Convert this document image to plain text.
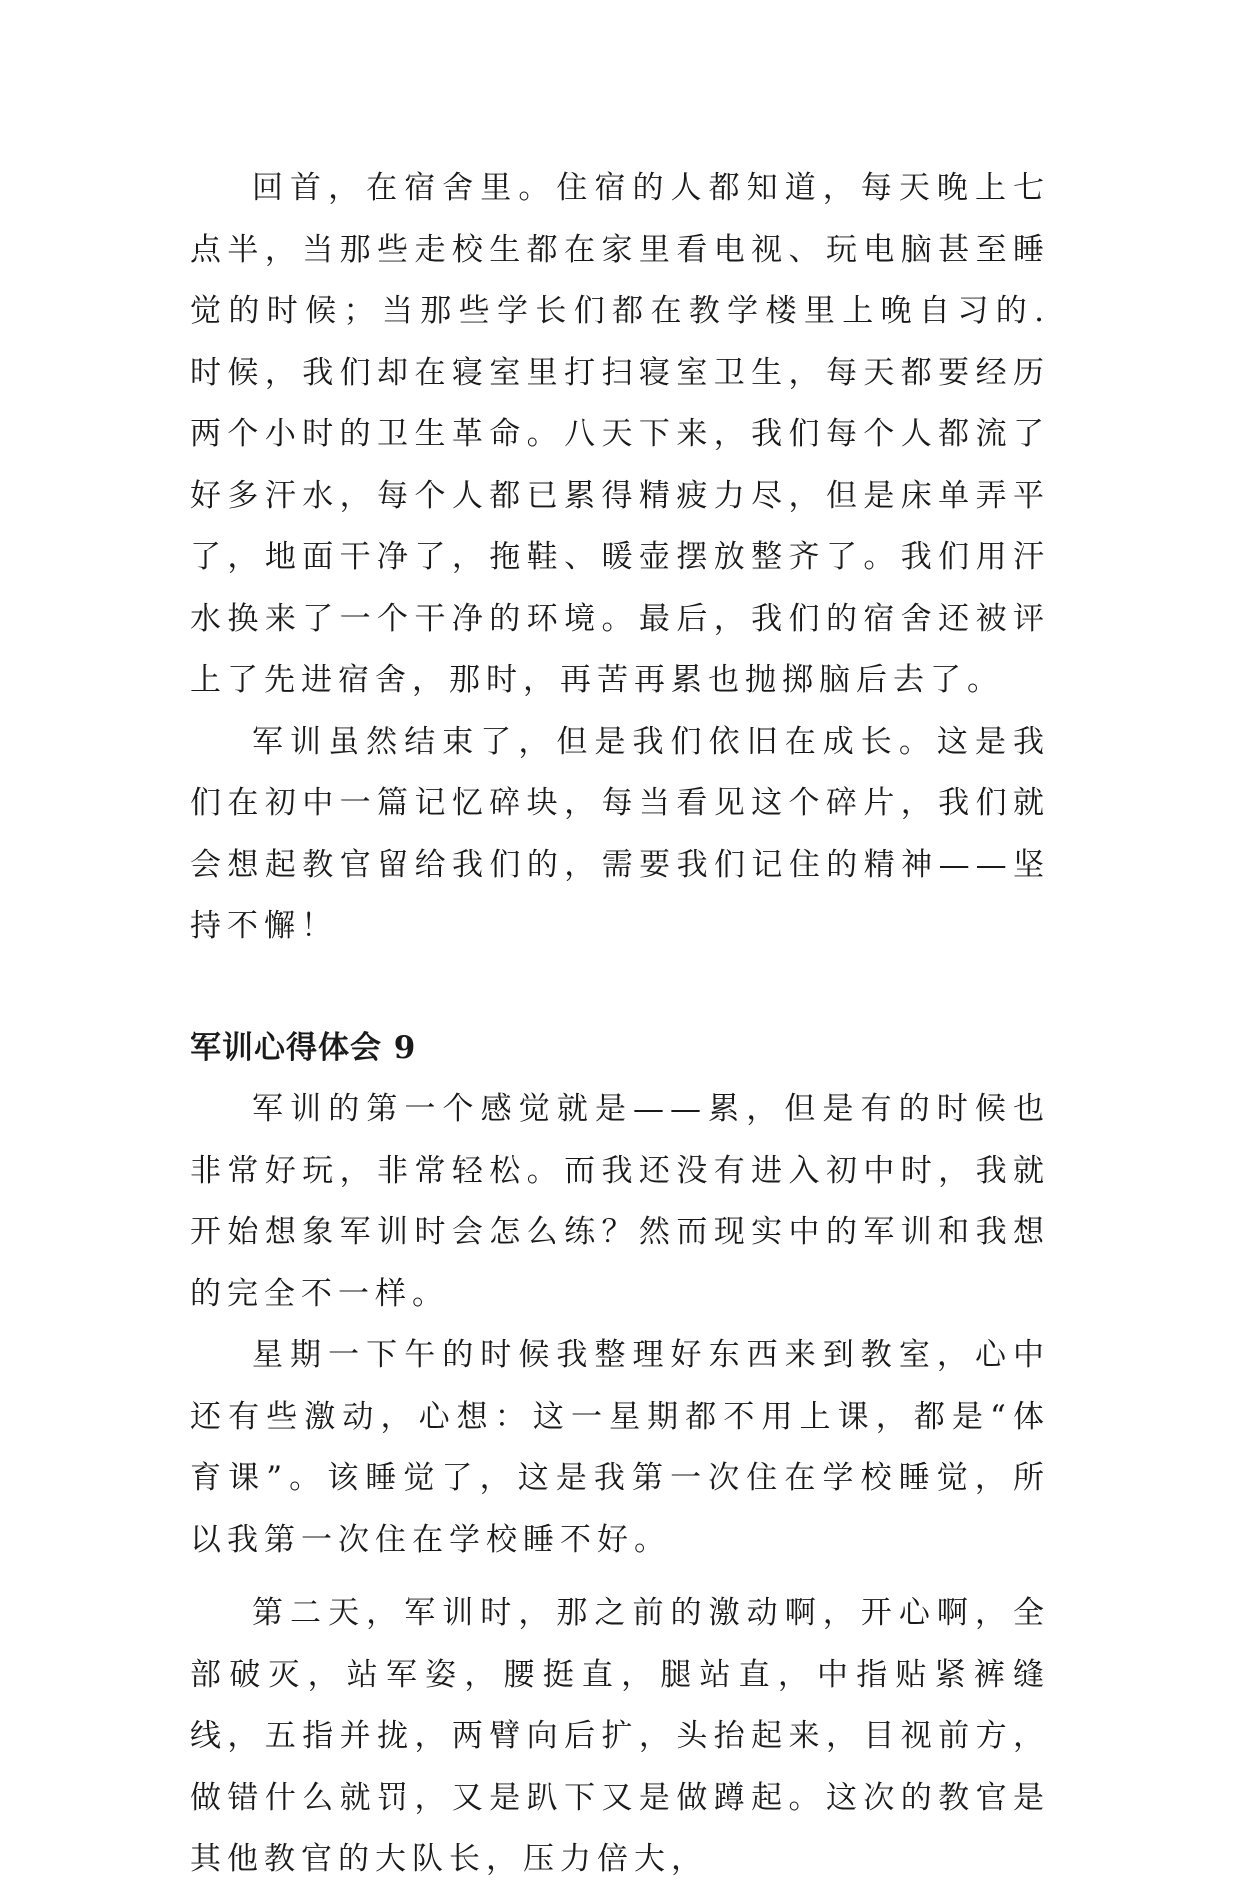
回首，在宿舍里。住宿的人都知道，每天晚上七点半，当那些走校生都在家里看电视、玩电脑甚至睡觉的时候；当那些学长们都在教学楼里上晚自习的.时候，我们却在寝室里打扫寝室卫生，每天都要经历两个小时的卫生革命。八天下来，我们每个人都流了好多汗水，每个人都已累得精疲力尽，但是床单弄平了，地面干净了，拖鞋、暖壶摆放整齐了。我们用汗水换来了一个干净的环境。最后，我们的宿舍还被评上了先进宿舍，那时，再苦再累也抛掷脑后去了。

军训虽然结束了，但是我们依旧在成长。这是我们在初中一篇记忆碎块，每当看见这个碎片，我们就会想起教官留给我们的，需要我们记住的精神——坚持不懈！

军训心得体会 9

军训的第一个感觉就是——累，但是有的时候也非常好玩，非常轻松。而我还没有进入初中时，我就开始想象军训时会怎么练？然而现实中的军训和我想的完全不一样。

星期一下午的时候我整理好东西来到教室，心中还有些激动，心想：这一星期都不用上课，都是“体育课”。该睡觉了，这是我第一次住在学校睡觉，所以我第一次住在学校睡不好。

第二天，军训时，那之前的激动啊，开心啊，全部破灭，站军姿，腰挺直，腿站直，中指贴紧裤缝线，五指并拢，两臂向后扩，头抬起来，目视前方，做错什么就罚，又是趴下又是做蹲起。这次的教官是其他教官的大队长，压力倍大，
